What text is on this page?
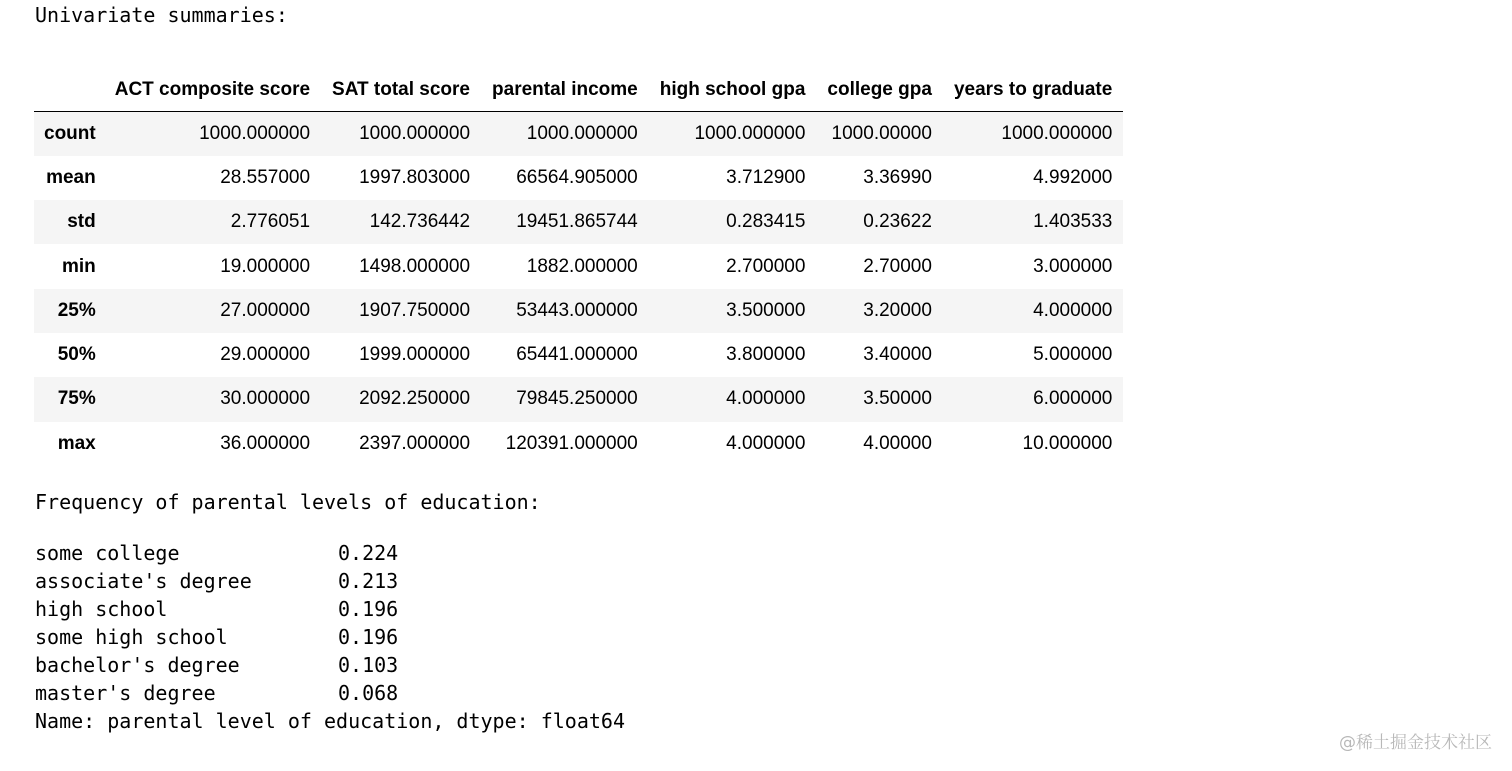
Univariate summaries:
	ACT composite score	SAT total score	parental income	high school gpa	college gpa	years to graduate
count	1000.000000	1000.000000	1000.000000	1000.000000	1000.00000	1000.000000
mean	28.557000	1997.803000	66564.905000	3.712900	3.36990	4.992000
std	2.776051	142.736442	19451.865744	0.283415	0.23622	1.403533
min	19.000000	1498.000000	1882.000000	2.700000	2.70000	3.000000
25%	27.000000	1907.750000	53443.000000	3.500000	3.20000	4.000000
50%	29.000000	1999.000000	65441.000000	3.800000	3.40000	5.000000
75%	30.000000	2092.250000	79845.250000	4.000000	3.50000	6.000000
max	36.000000	2397.000000	120391.000000	4.000000	4.00000	10.000000
Frequency of parental levels of education:
some college	0.224
associate's degree	0.213
high school	0.196
some high school	0.196
bachelor's degree	0.103
master's degree	0.068
Name: parental level of education, dtype: float64
@稀土掘金技术社区
